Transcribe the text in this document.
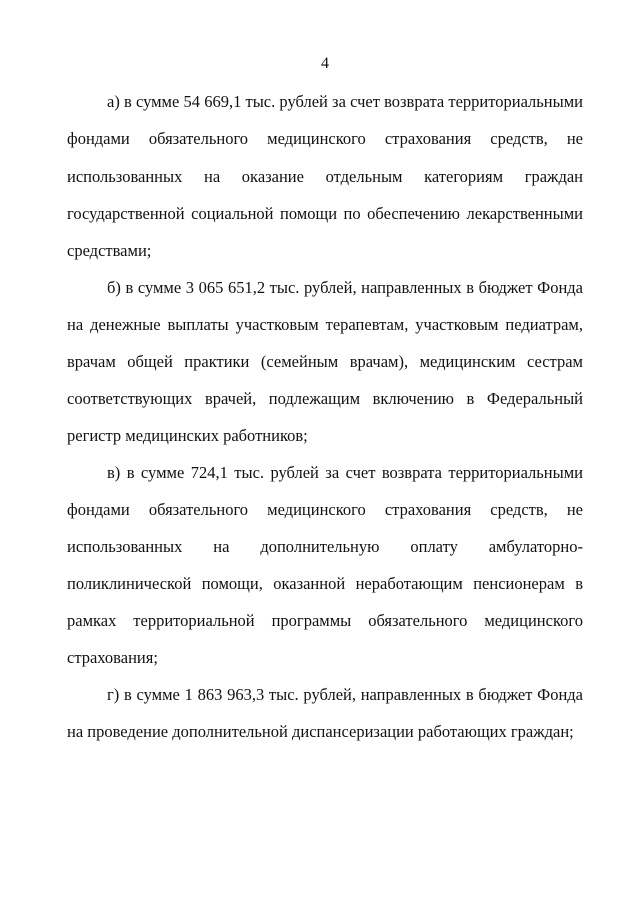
4
а) в сумме 54 669,1 тыс. рублей за счет возврата территориальными
фондами обязательного медицинского страхования средств, не
использованных на оказание отдельным категориям граждан
государственной социальной помощи по обеспечению лекарственными
средствами;
б) в сумме 3 065 651,2 тыс. рублей, направленных в бюджет Фонда
на денежные выплаты участковым терапевтам, участковым педиатрам,
врачам общей практики (семейным врачам), медицинским сестрам
соответствующих врачей, подлежащим включению в Федеральный
регистр медицинских работников;
в) в сумме 724,1 тыс. рублей за счет возврата территориальными
фондами обязательного медицинского страхования средств, не
использованных на дополнительную оплату амбулаторно-
поликлинической помощи, оказанной неработающим пенсионерам в
рамках территориальной программы обязательного медицинского
страхования;
г) в сумме 1 863 963,3 тыс. рублей, направленных в бюджет Фонда
на проведение дополнительной диспансеризации работающих граждан;
